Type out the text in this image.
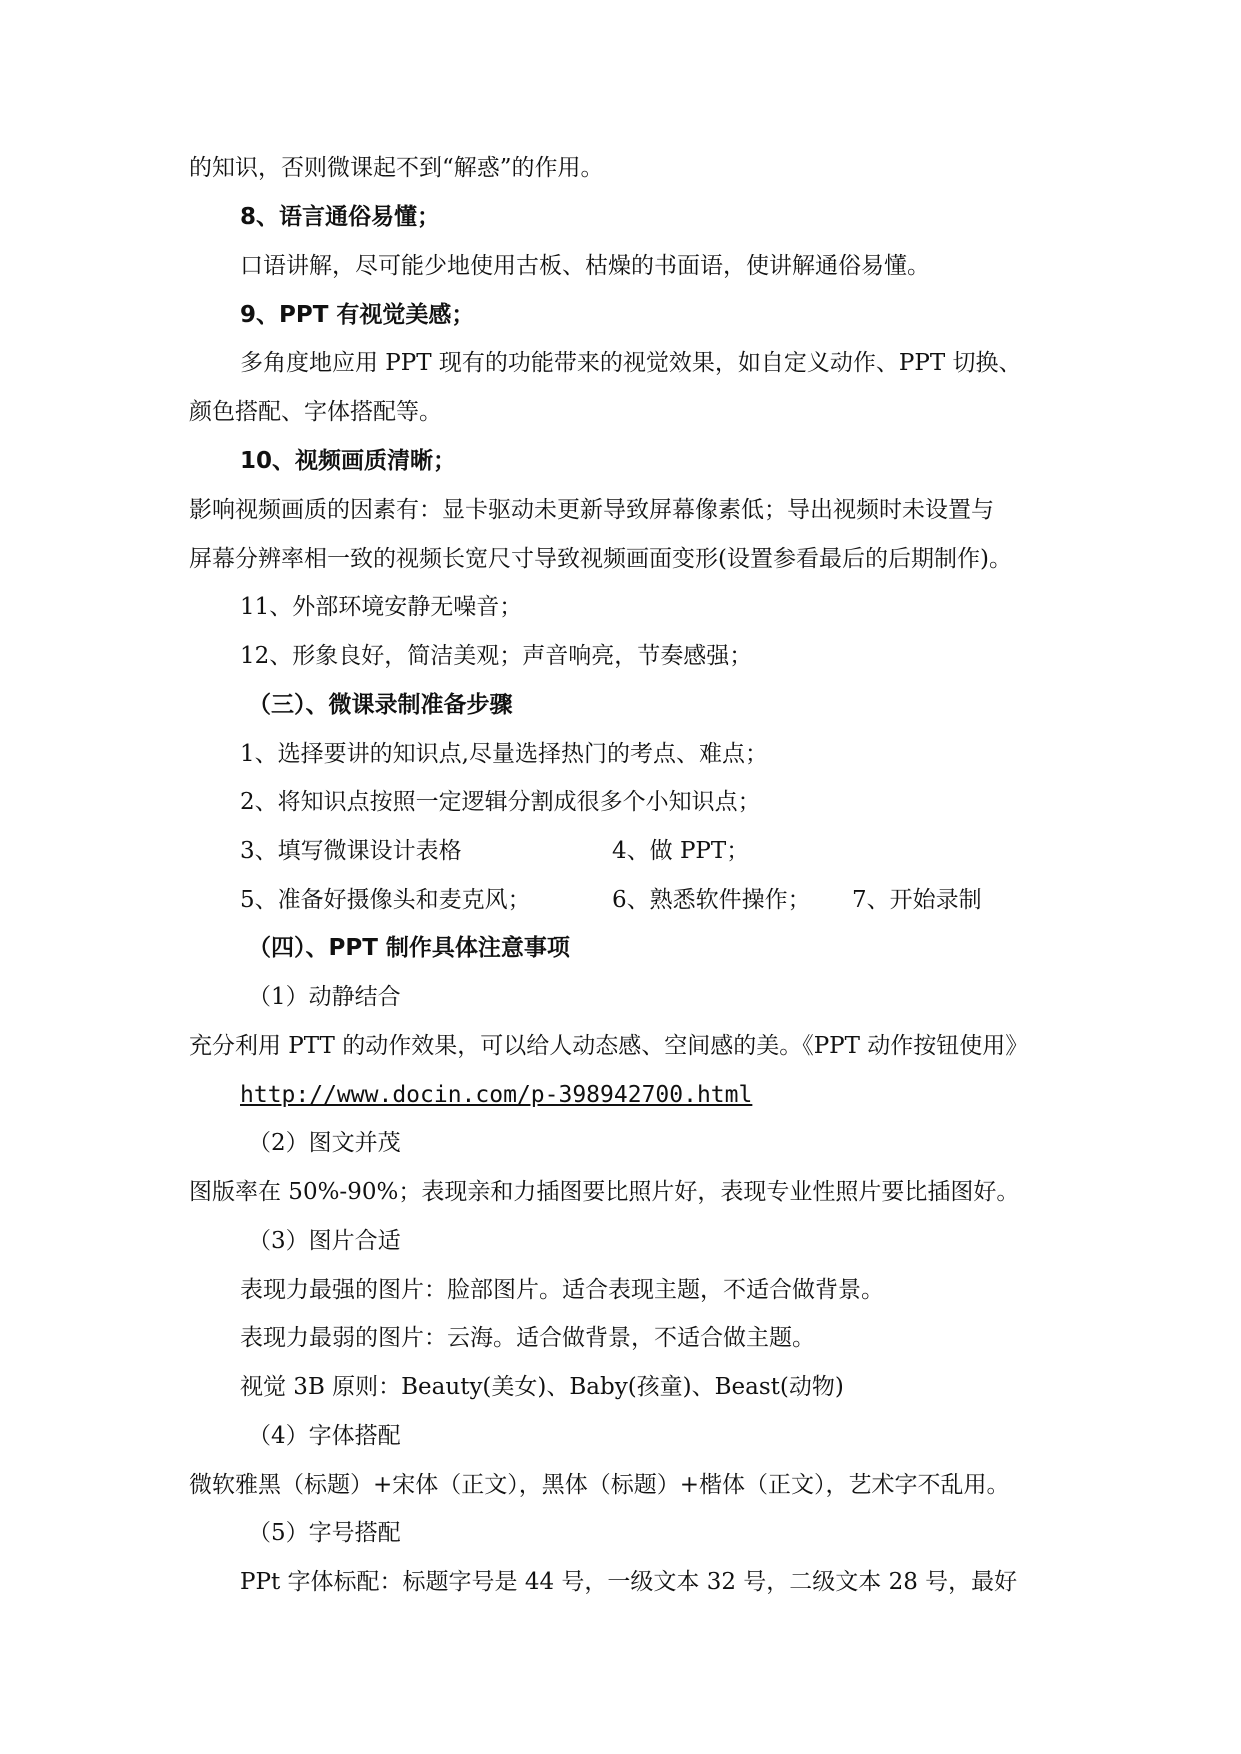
的知识，否则微课起不到“解惑”的作用。
8、语言通俗易懂；
口语讲解，尽可能少地使用古板、枯燥的书面语，使讲解通俗易懂。
9、PPT 有视觉美感；
多角度地应用 PPT 现有的功能带来的视觉效果，如自定义动作、PPT 切换、
颜色搭配、字体搭配等。
10、视频画质清晰；
影响视频画质的因素有：显卡驱动未更新导致屏幕像素低；导出视频时未设置与
屏幕分辨率相一致的视频长宽尺寸导致视频画面变形(设置参看最后的后期制作)。
11、外部环境安静无噪音；
12、形象良好，简洁美观；声音响亮，节奏感强；
（三）、微课录制准备步骤
1、选择要讲的知识点,尽量选择热门的考点、难点；
2、将知识点按照一定逻辑分割成很多个小知识点；
3、填写微课设计表格	4、做 PPT；
5、准备好摄像头和麦克风；	6、熟悉软件操作； 7、开始录制
（四）、PPT 制作具体注意事项
（1）动静结合
充分利用 PTT 的动作效果，可以给人动态感、空间感的美。《PPT 动作按钮使用》
http://www.docin.com/p-398942700.html
（2）图文并茂
图版率在 50%-90%；表现亲和力插图要比照片好，表现专业性照片要比插图好。
（3）图片合适
表现力最强的图片：脸部图片。适合表现主题，不适合做背景。
表现力最弱的图片：云海。适合做背景，不适合做主题。
视觉 3B 原则：Beauty(美女)、Baby(孩童)、Beast(动物)
（4）字体搭配
微软雅黑（标题）+宋体（正文），黑体（标题）+楷体（正文），艺术字不乱用。
（5）字号搭配
PPt 字体标配：标题字号是 44 号，一级文本 32 号，二级文本 28 号，最好
